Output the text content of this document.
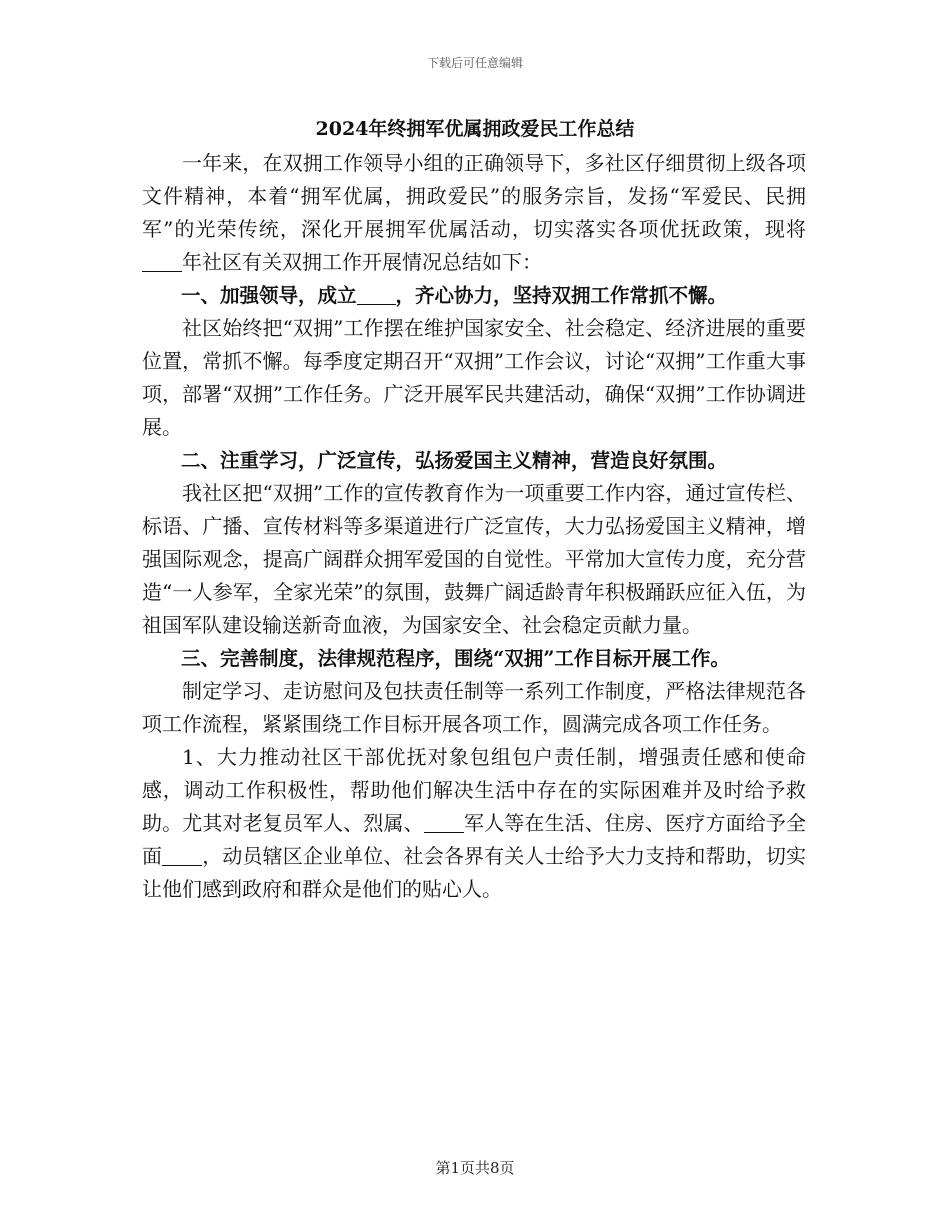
下载后可任意编辑
2024年终拥军优属拥政爱民工作总结

一年来，在双拥工作领导小组的正确领导下，多社区仔细贯彻上级各项文件精神，本着“拥军优属，拥政爱民”的服务宗旨，发扬“军爱民、民拥军”的光荣传统，深化开展拥军优属活动，切实落实各项优抚政策，现将年社区有关双拥工作开展情况总结如下：

一、加强领导，成立 ，齐心协力，坚持双拥工作常抓不懈。

社区始终把“双拥”工作摆在维护国家安全、社会稳定、经济进展的重要位置，常抓不懈。每季度定期召开“双拥”工作会议，讨论“双拥”工作重大事项，部署“双拥”工作任务。广泛开展军民共建活动，确保“双拥”工作协调进展。

二、注重学习，广泛宣传，弘扬爱国主义精神，营造良好氛围。

我社区把“双拥”工作的宣传教育作为一项重要工作内容，通过宣传栏、标语、广播、宣传材料等多渠道进行广泛宣传，大力弘扬爱国主义精神，增强国际观念，提高广阔群众拥军爱国的自觉性。平常加大宣传力度，充分营造“一人参军，全家光荣”的氛围，鼓舞广阔适龄青年积极踊跃应征入伍，为祖国军队建设输送新奇血液，为国家安全、社会稳定贡献力量。

三、完善制度，法律规范程序，围绕“双拥”工作目标开展工作。

制定学习、走访慰问及包扶责任制等一系列工作制度，严格法律规范各项工作流程，紧紧围绕工作目标开展各项工作，圆满完成各项工作任务。

1、大力推动社区干部优抚对象包组包户责任制，增强责任感和使命感，调动工作积极性，帮助他们解决生活中存在的实际困难并及时给予救助。尤其对老复员军人、烈属、 军人等在生活、住房、医疗方面给予全面 ，动员辖区企业单位、社会各界有关人士给予大力支持和帮助，切实让他们感到政府和群众是他们的贴心人。

第1页共8页
